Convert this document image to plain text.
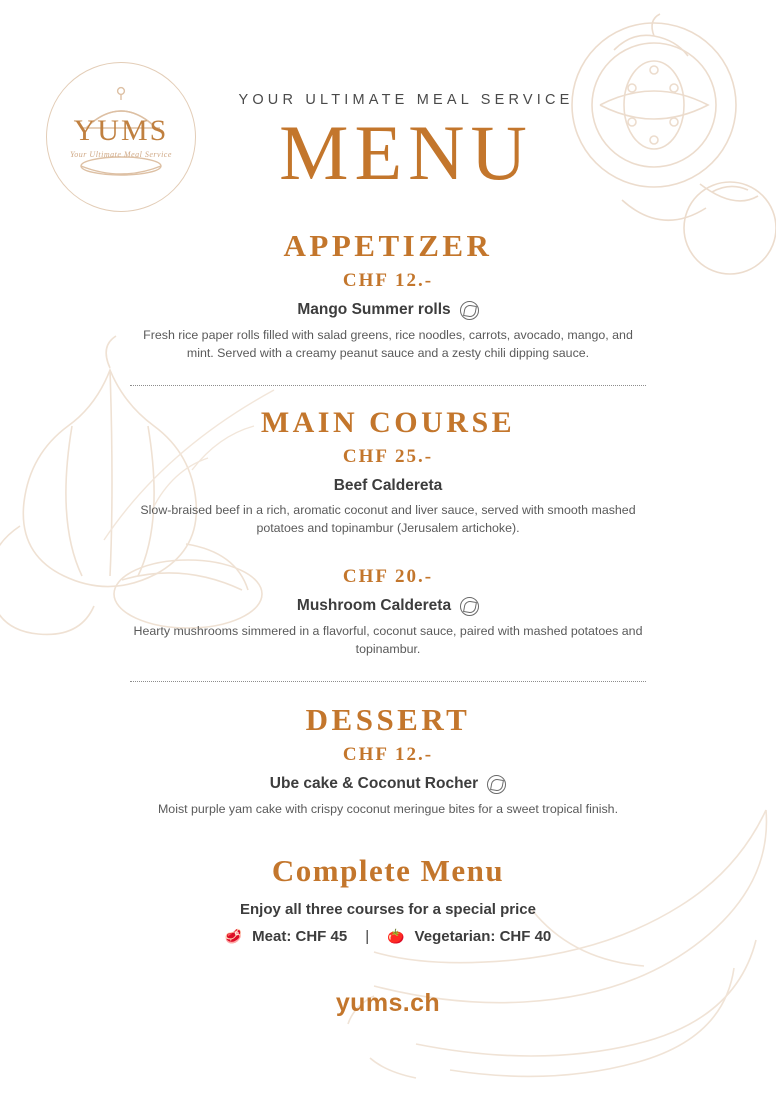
YUMS
Your Ultimate Meal Service
YOUR ULTIMATE MEAL SERVICE
MENU
APPETIZER
CHF 12.-
Mango Summer rolls
Fresh rice paper rolls filled with salad greens, rice noodles, carrots, avocado, mango, and mint. Served with a creamy peanut sauce and a zesty chili dipping sauce.
MAIN COURSE
CHF 25.-
Beef Caldereta
Slow-braised beef in a rich, aromatic coconut and liver sauce, served with smooth mashed potatoes and topinambur (Jerusalem artichoke).
CHF 20.-
Mushroom Caldereta
Hearty mushrooms simmered in a flavorful, coconut sauce, paired with mashed potatoes and topinambur.
DESSERT
CHF 12.-
Ube cake & Coconut Rocher
Moist purple yam cake with crispy coconut meringue bites for a sweet tropical finish.
Complete Menu
Enjoy all three courses for a special price
🥩 Meat: CHF 45	|	🍅 Vegetarian: CHF 40
yums.ch
